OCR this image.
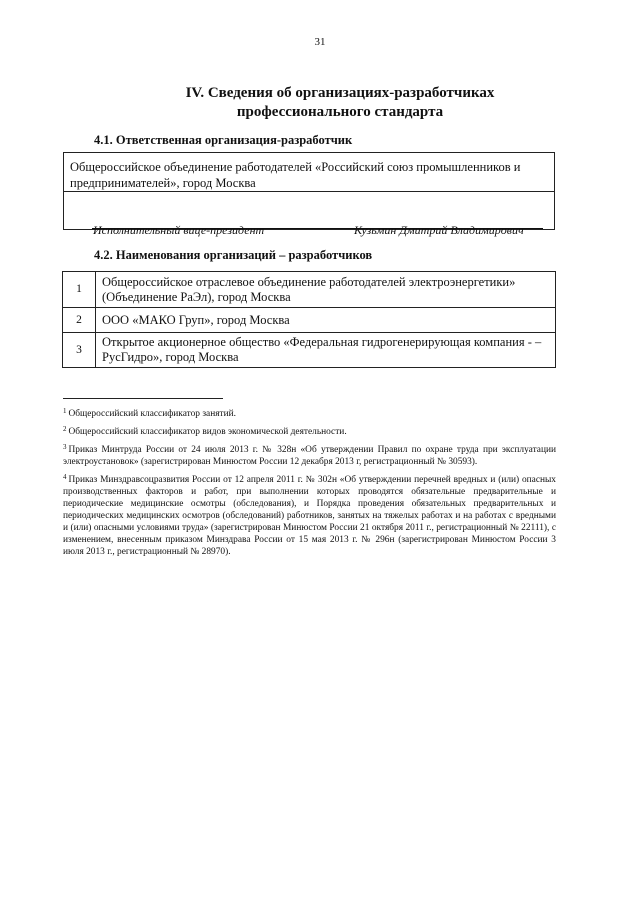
31
IV. Сведения об организациях-разработчиках
профессионального стандарта
4.1. Ответственная организация-разработчик
Общероссийское объединение работодателей «Российский союз промышленников и предпринимателей», город Москва
Исполнительный вице-президент	Кузьмин Дмитрий Владимирович
4.2. Наименования организаций – разработчиков
1	Общероссийское отраслевое объединение работодателей электроэнергетики» (Объединение РаЭл), город Москва
2	ООО «МАКО Груп», город Москва
3	Открытое акционерное общество «Федеральная гидрогенерирующая компания - – РусГидро», город Москва

$^1$ Общероссийский классификатор занятий.

$^2$ Общероссийский классификатор видов экономической деятельности.

$^3$ Приказ Минтруда России от 24 июля 2013 г. № 328н «Об утверждении Правил по охране труда при эксплуатации электроустановок» (зарегистрирован Минюстом России 12 декабря 2013 г, регистрационный № 30593).

$^4$ Приказ Минздравсоцразвития России от 12 апреля 2011 г. № 302н «Об утверждении перечней вредных и (или) опасных производственных факторов и работ, при выполнении которых проводятся обязательные предварительные и периодические медицинские осмотры (обследования), и Порядка проведения обязательных предварительных и периодических медицинских осмотров (обследований) работников, занятых на тяжелых работах и на работах с вредными и (или) опасными условиями труда» (зарегистрирован Минюстом России 21 октября 2011 г., регистрационный № 22111), с изменением, внесенным приказом Минздрава России от 15 мая 2013 г. № 296н (зарегистрирован Минюстом России 3 июля 2013 г., регистрационный № 28970).
